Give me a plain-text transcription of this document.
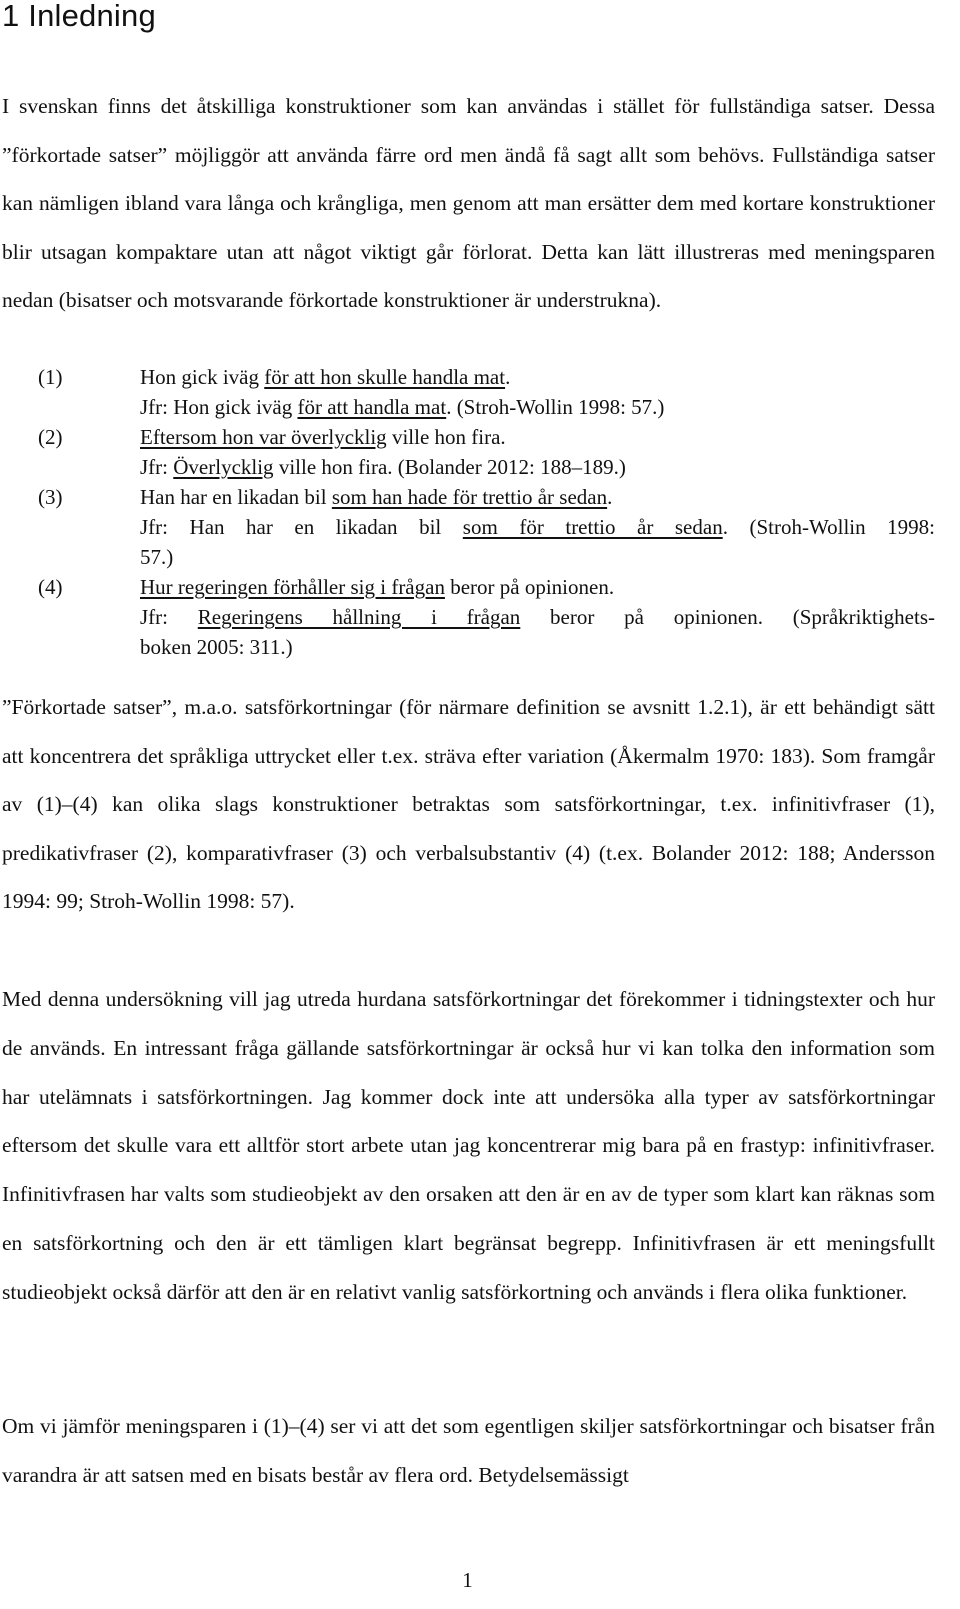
1 Inledning

I svenskan finns det åtskilliga konstruktioner som kan användas i stället för fullständiga satser. Dessa ”förkortade satser” möjliggör att använda färre ord men ändå få sagt allt som behövs. Fullständiga satser kan nämligen ibland vara långa och krångliga, men genom att man ersätter dem med kortare konstruktioner blir utsagan kompaktare utan att något viktigt går förlorat. Detta kan lätt illustreras med meningsparen nedan (bisatser och motsvarande förkortade konstruktioner är understrukna).

(1)	Hon gick iväg för att hon skulle handla mat.
Jfr: Hon gick iväg för att handla mat. (Stroh-Wollin 1998: 57.)
(2)	Eftersom hon var överlycklig ville hon fira.
Jfr: Överlycklig ville hon fira. (Bolander 2012: 188–189.)
(3)	Han har en likadan bil som han hade för trettio år sedan.
Jfr: Han har en likadan bil som för trettio år sedan. (Stroh-Wollin 1998:
57.)
(4)	Hur regeringen förhåller sig i frågan beror på opinionen.
Jfr: Regeringens hållning i frågan beror på opinionen. (Språkriktighets-
boken 2005: 311.)

”Förkortade satser”, m.a.o. satsförkortningar (för närmare definition se avsnitt 1.2.1), är ett behändigt sätt att koncentrera det språkliga uttrycket eller t.ex. sträva efter variation (Åkermalm 1970: 183). Som framgår av (1)–(4) kan olika slags konstruktioner betraktas som satsförkortningar, t.ex. infinitivfraser (1), predikativfraser (2), komparativfraser (3) och verbalsubstantiv (4) (t.ex. Bolander 2012: 188; Andersson 1994: 99; Stroh-Wollin 1998: 57).

Med denna undersökning vill jag utreda hurdana satsförkortningar det förekommer i tidningstexter och hur de används. En intressant fråga gällande satsförkortningar är också hur vi kan tolka den information som har utelämnats i satsförkortningen. Jag kommer dock inte att undersöka alla typer av satsförkortningar eftersom det skulle vara ett alltför stort arbete utan jag koncentrerar mig bara på en frastyp: infinitivfraser. Infinitivfrasen har valts som studieobjekt av den orsaken att den är en av de typer som klart kan räknas som en satsförkortning och den är ett tämligen klart begränsat begrepp. Infinitivfrasen är ett meningsfullt studieobjekt också därför att den är en relativt vanlig satsförkortning och används i flera olika funktioner.

Om vi jämför meningsparen i (1)–(4) ser vi att det som egentligen skiljer satsförkortningar och bisatser från varandra är att satsen med en bisats består av flera ord. Betydelsemässigt

1
